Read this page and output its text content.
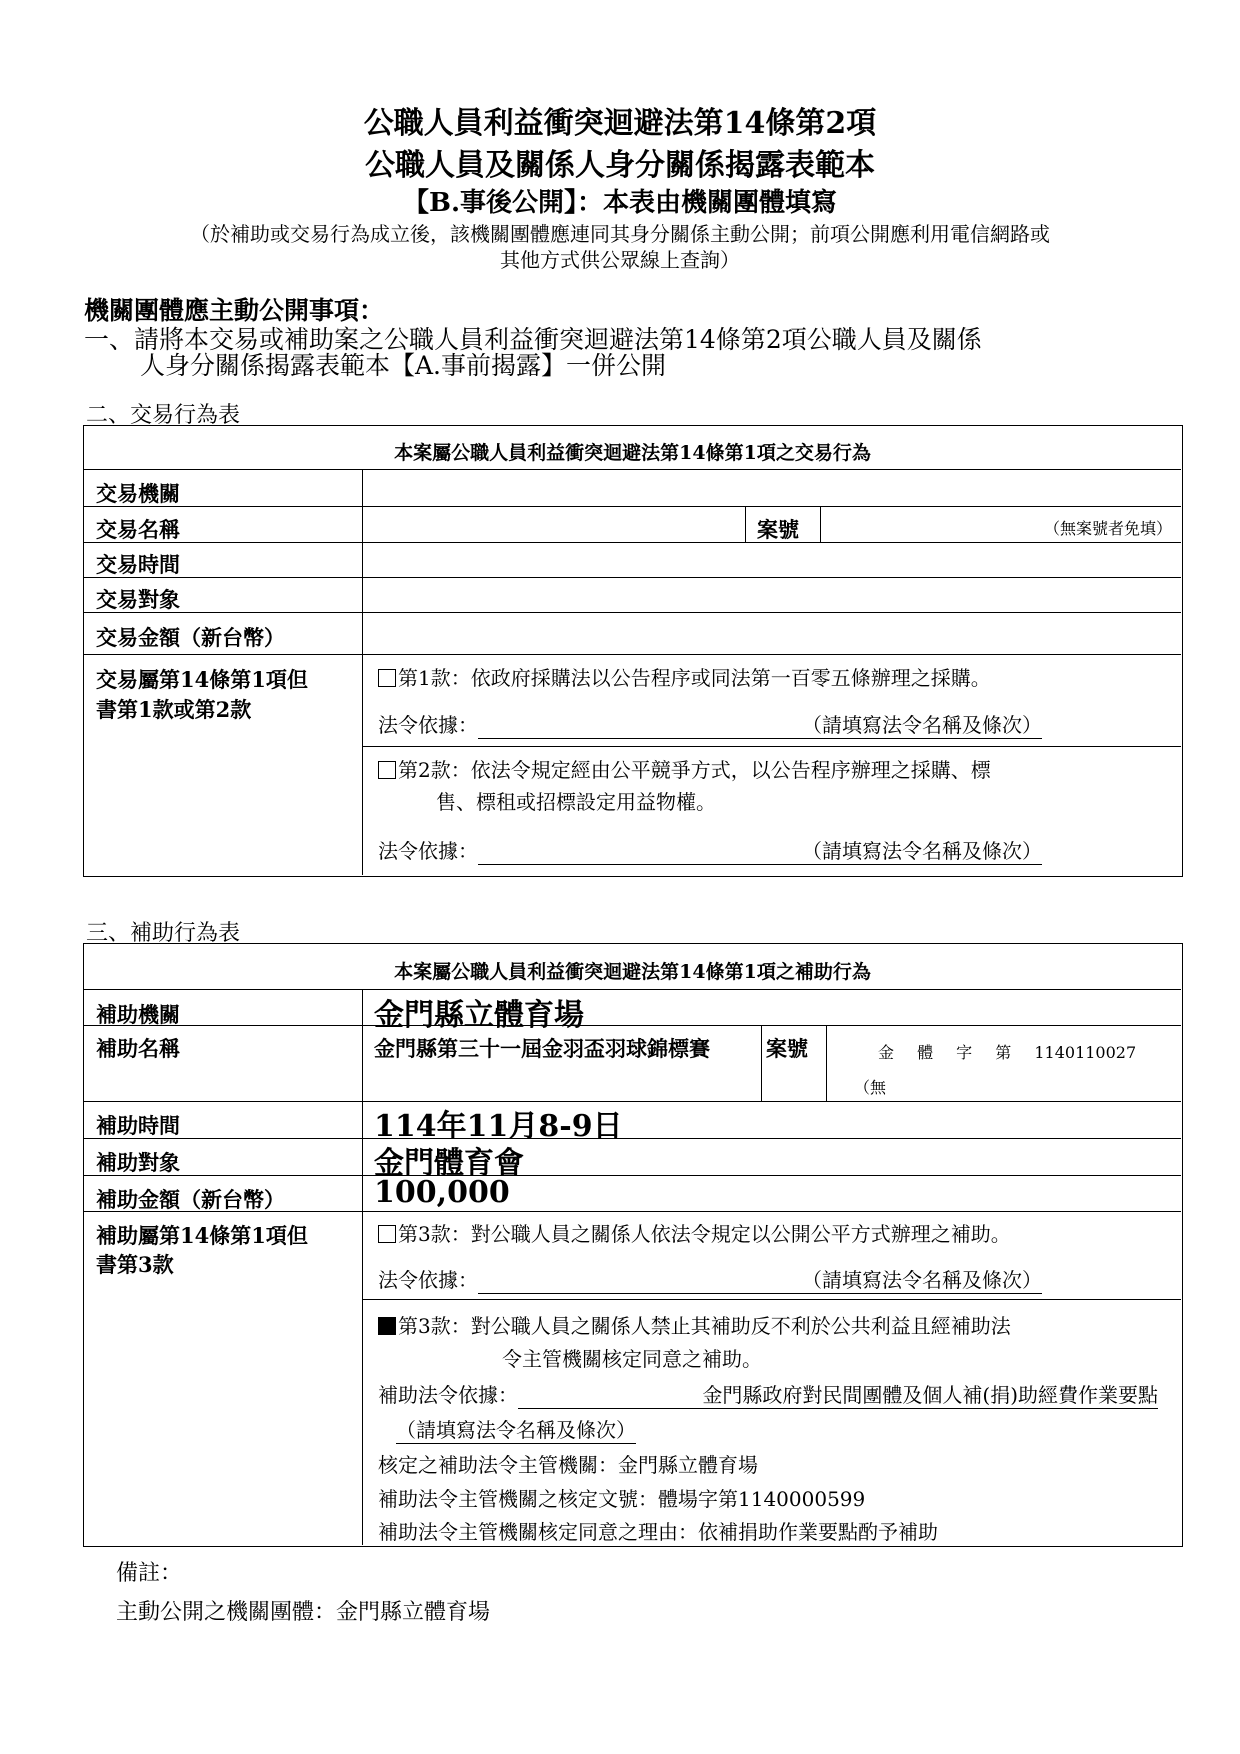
公職人員利益衝突迴避法第14條第2項
公職人員及關係人身分關係揭露表範本
【B.事後公開】：本表由機關團體填寫
（於補助或交易行為成立後，該機關團體應連同其身分關係主動公開；前項公開應利用電信網路或
其他方式供公眾線上查詢）
機關團體應主動公開事項：
一、請將本交易或補助案之公職人員利益衝突迴避法第14條第2項公職人員及關係
人身分關係揭露表範本【A.事前揭露】一併公開
二、交易行為表
本案屬公職人員利益衝突迴避法第14條第1項之交易行為
交易機關
交易名稱	案號	（無案號者免填）
交易時間
交易對象
交易金額（新台幣）
交易屬第14條第1項但
書第1款或第2款
第1款：依政府採購法以公告程序或同法第一百零五條辦理之採購。
法令依據：	（請填寫法令名稱及條次）
第2款：依法令規定經由公平競爭方式，以公告程序辦理之採購、標
售、標租或招標設定用益物權。
法令依據：	（請填寫法令名稱及條次）
三、補助行為表
本案屬公職人員利益衝突迴避法第14條第1項之補助行為
補助機關	金門縣立體育場
補助名稱	金門縣第三十一屆金羽盃羽球錦標賽	案號	金 體 字 第 1140110027
（無
補助時間	114年11月8-9日
補助對象	金門體育會
補助金額（新台幣）	100,000
補助屬第14條第1項但
書第3款
第3款：對公職人員之關係人依法令規定以公開公平方式辦理之補助。
法令依據：	（請填寫法令名稱及條次）
第3款：對公職人員之關係人禁止其補助反不利於公共利益且經補助法
令主管機關核定同意之補助。
補助法令依據：	金門縣政府對民間團體及個人補(捐)助經費作業要點
（請填寫法令名稱及條次）
核定之補助法令主管機關：金門縣立體育場
補助法令主管機關之核定文號：體場字第1140000599
補助法令主管機關核定同意之理由：依補捐助作業要點酌予補助
備註：
主動公開之機關團體：金門縣立體育場
